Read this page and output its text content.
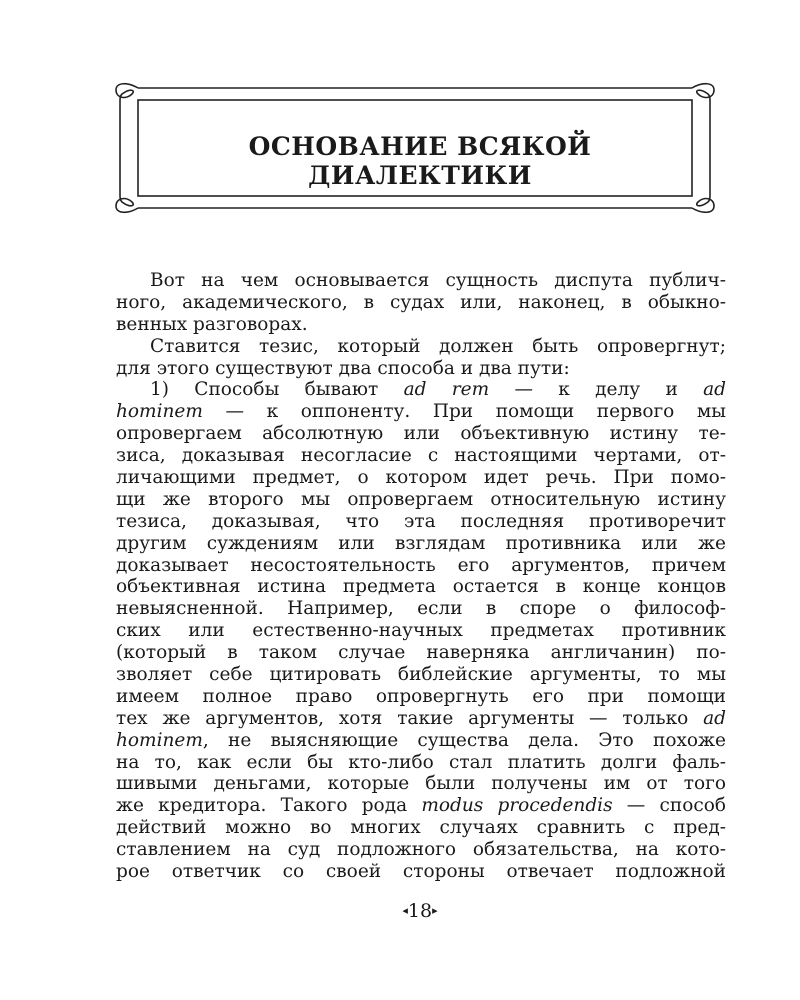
ОСНОВАНИЕ ВСЯКОЙ ДИАЛЕКТИКИ
Вот на чем основывается сущность диспута публич-
ного, академического, в судах или, наконец, в обыкно-
венных разговорах.
Ставится тезис, который должен быть опровергнут;
для этого существуют два способа и два пути:
1) Способы бывают ad rem — к делу и ad
hominem — к оппоненту. При помощи первого мы
опровергаем абсолютную или объективную истину те-
зиса, доказывая несогласие с настоящими чертами, от-
личающими предмет, о котором идет речь. При помо-
щи же второго мы опровергаем относительную истину
тезиса, доказывая, что эта последняя противоречит
другим суждениям или взглядам противника или же
доказывает несостоятельность его аргументов, причем
объективная истина предмета остается в конце концов
невыясненной. Например, если в споре о философ-
ских или естественно-научных предметах противник
(который в таком случае наверняка англичанин) по-
зволяет себе цитировать библейские аргументы, то мы
имеем полное право опровергнуть его при помощи
тех же аргументов, хотя такие аргументы — только ad
hominem, не выясняющие существа дела. Это похоже
на то, как если бы кто-либо стал платить долги фаль-
шивыми деньгами, которые были получены им от того
же кредитора. Такого рода modus procedendis — способ
действий можно во многих случаях сравнить с пред-
ставлением на суд подложного обязательства, на кото-
рое ответчик со своей стороны отвечает подложной
◂18▸
